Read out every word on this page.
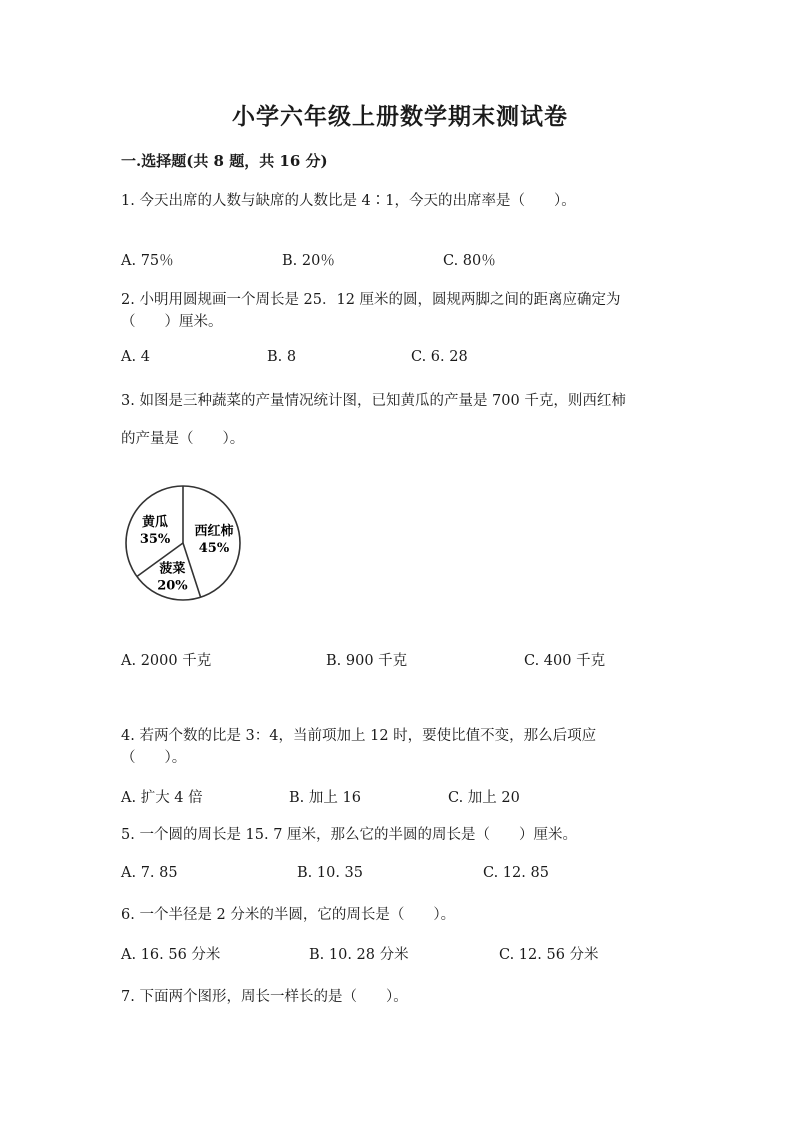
小学六年级上册数学期末测试卷
一.选择题(共 8 题，共 16 分)
1. 今天出席的人数与缺席的人数比是 4∶1，今天的出席率是（　　）。
A. 75％	B. 20％	C. 80％
2. 小明用圆规画一个周长是 25．12 厘米的圆，圆规两脚之间的距离应确定为
（　　）厘米。
A. 4	B. 8	C. 6. 28
3. 如图是三种蔬菜的产量情况统计图，已知黄瓜的产量是 700 千克，则西红柿
的产量是（　　）。
西红柿
45%
菠菜
20%
黄瓜
35%
A. 2000 千克	B. 900 千克	C. 400 千克
4. 若两个数的比是 3：4，当前项加上 12 时，要使比值不变，那么后项应
（　　）。
A. 扩大 4 倍	B. 加上 16	C. 加上 20
5. 一个圆的周长是 15. 7 厘米，那么它的半圆的周长是（　　）厘米。
A. 7. 85	B. 10. 35	C. 12. 85
6. 一个半径是 2 分米的半圆，它的周长是（　　）。
A. 16. 56 分米	B. 10. 28 分米	C. 12. 56 分米
7. 下面两个图形，周长一样长的是（　　）。
